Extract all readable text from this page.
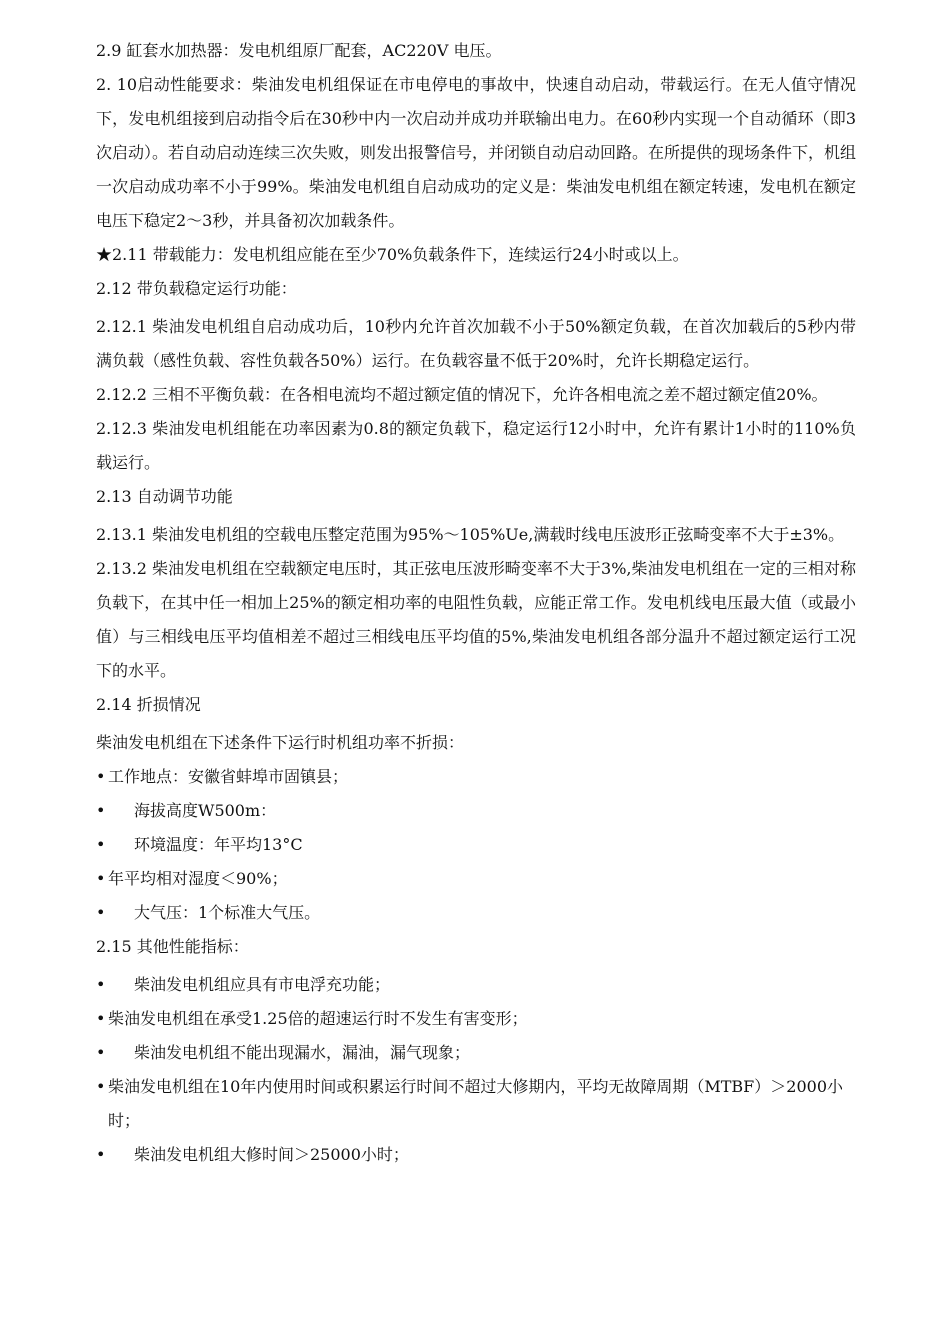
2.9 缸套水加热器：发电机组原厂配套，AC220V 电压。

2. 10启动性能要求：柴油发电机组保证在市电停电的事故中，快速自动启动，带载运行。在无人值守情况下，发电机组接到启动指令后在30秒中内一次启动并成功并联输出电力。在60秒内实现一个自动循环（即3次启动）。若自动启动连续三次失败，则发出报警信号，并闭锁自动启动回路。在所提供的现场条件下，机组一次启动成功率不小于99%。柴油发电机组自启动成功的定义是：柴油发电机组在额定转速，发电机在额定电压下稳定2〜3秒，并具备初次加载条件。

★2.11 带载能力：发电机组应能在至少70%负载条件下，连续运行24小时或以上。

2.12 带负载稳定运行功能：

2.12.1 柴油发电机组自启动成功后，10秒内允许首次加载不小于50%额定负载，在首次加载后的5秒内带满负载（感性负载、容性负载各50%）运行。在负载容量不低于20%时，允许长期稳定运行。

2.12.2 三相不平衡负载：在各相电流均不超过额定值的情况下，允许各相电流之差不超过额定值20%。

2.12.3 柴油发电机组能在功率因素为0.8的额定负载下，稳定运行12小时中，允许有累计1小时的110%负载运行。

2.13 自动调节功能

2.13.1 柴油发电机组的空载电压整定范围为95%〜105%Ue,满载时线电压波形正弦畸变率不大于±3%。

2.13.2 柴油发电机组在空载额定电压时，其正弦电压波形畸变率不大于3%,柴油发电机组在一定的三相对称负载下，在其中任一相加上25%的额定相功率的电阻性负载，应能正常工作。发电机线电压最大值（或最小值）与三相线电压平均值相差不超过三相线电压平均值的5%,柴油发电机组各部分温升不超过额定运行工况下的水平。

2.14 折损情况

柴油发电机组在下述条件下运行时机组功率不折损：

• 工作地点：安徽省蚌埠市固镇县；
•	海拔高度W500m：
•	环境温度：年平均13°C
• 年平均相对湿度＜90%；
•	大气压：1个标准大气压。

2.15 其他性能指标：

•	柴油发电机组应具有市电浮充功能；
• 柴油发电机组在承受1.25倍的超速运行时不发生有害变形；
•	柴油发电机组不能出现漏水，漏油，漏气现象；
• 柴油发电机组在10年内使用时间或积累运行时间不超过大修期内，平均无故障周期（MTBF）＞2000小时；
•	柴油发电机组大修时间＞25000小时；
